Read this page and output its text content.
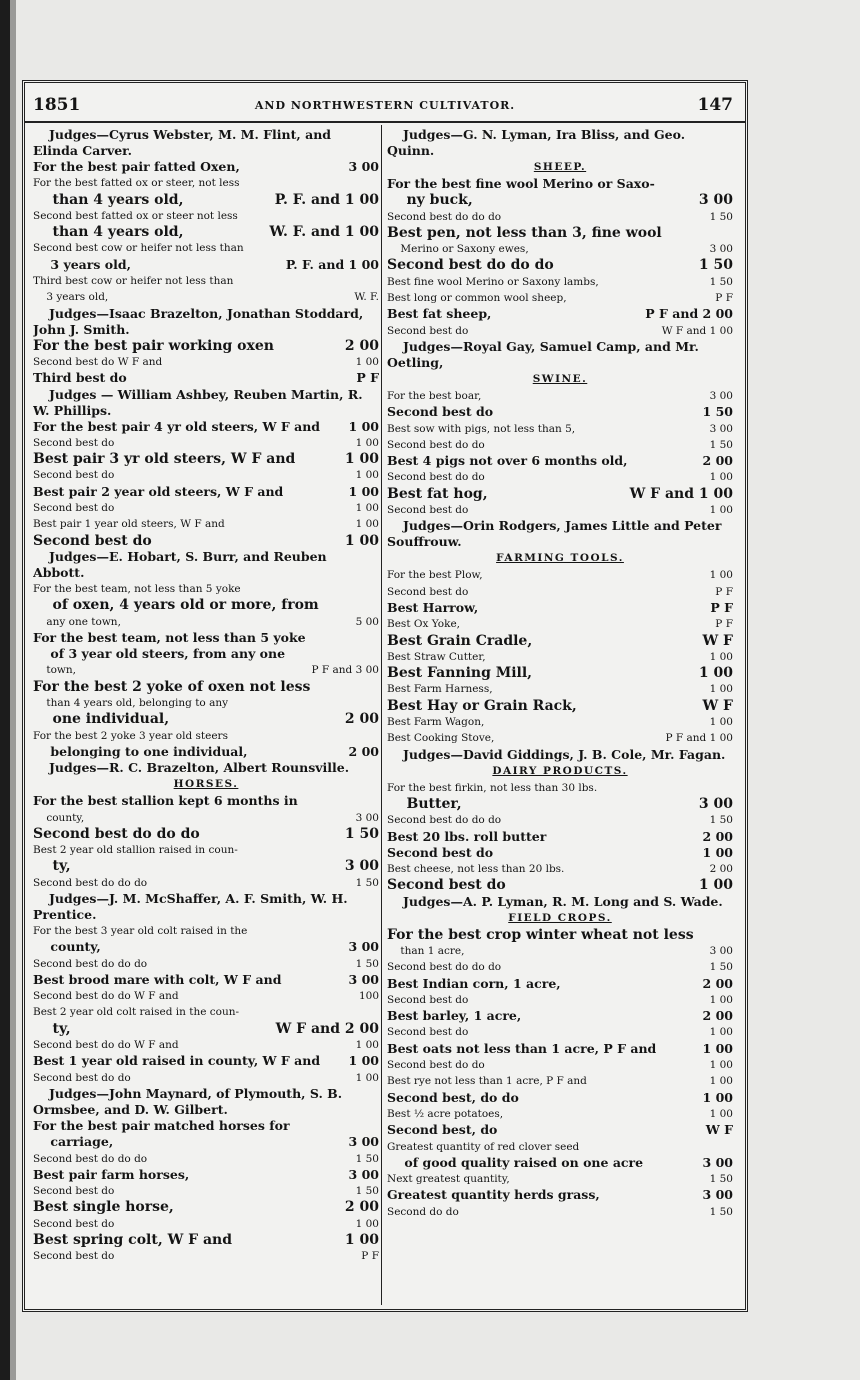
1851	AND NORTHWESTERN CULTIVATOR.	147
Judges—Cyrus Webster, M. M. Flint, and Elinda Carver.
For the best pair fatted Oxen,	3 00
For the best fatted ox or steer, not less
than 4 years old,	P. F. and 1 00
Second best fatted ox or steer not less
than 4 years old,	W. F. and 1 00
Second best cow or heifer not less than
3 years old,	P. F. and 1 00
Third best cow or heifer not less than
3 years old,	W. F.
Judges—Isaac Brazelton, Jonathan Stoddard, John J. Smith.
For the best pair working oxen	2 00
Second best do W F and	1 00
Third best do	P F
Judges — William Ashbey, Reuben Martin, R. W. Phillips.
For the best pair 4 yr old steers, W F and	1 00
Second best do	1 00
Best pair 3 yr old steers, W F and	1 00
Second best do	1 00
Best pair 2 year old steers, W F and	1 00
Second best do	1 00
Best pair 1 year old steers, W F and	1 00
Second best do	1 00
Judges—E. Hobart, S. Burr, and Reuben Abbott.
For the best team, not less than 5 yoke
of oxen, 4 years old or more, from
any one town,	5 00
For the best team, not less than 5 yoke
of 3 year old steers, from any one
town,	P F and 3 00
For the best 2 yoke of oxen not less
than 4 years old, belonging to any
one individual,	2 00
For the best 2 yoke 3 year old steers
belonging to one individual,	2 00
Judges—R. C. Brazelton, Albert Rounsville.
HORSES.
For the best stallion kept 6 months in
county,	3 00
Second best do do do	1 50
Best 2 year old stallion raised in coun-
ty,	3 00
Second best do do do	1 50
Judges—J. M. McShaffer, A. F. Smith, W. H. Prentice.
For the best 3 year old colt raised in the
county,	3 00
Second best do do do	1 50
Best brood mare with colt, W F and	3 00
Second best do do W F and	100
Best 2 year old colt raised in the coun-
ty,	W F and 2 00
Second best do do W F and	1 00
Best 1 year old raised in county, W F and	1 00
Second best do do	1 00
Judges—John Maynard, of Plymouth, S. B. Ormsbee, and D. W. Gilbert.
For the best pair matched horses for
carriage,	3 00
Second best do do do	1 50
Best pair farm horses,	3 00
Second best do	1 50
Best single horse,	2 00
Second best do	1 00
Best spring colt, W F and	1 00
Second best do	P F
Judges—G. N. Lyman, Ira Bliss, and Geo. Quinn.
SHEEP.
For the best fine wool Merino or Saxo-
ny buck,	3 00
Second best do do do	1 50
Best pen, not less than 3, fine wool
Merino or Saxony ewes,	3 00
Second best do do do	1 50
Best fine wool Merino or Saxony lambs,	1 50
Best long or common wool sheep,	P F
Best fat sheep,	P F and 2 00
Second best do	W F and 1 00
Judges—Royal Gay, Samuel Camp, and Mr. Oetling,
SWINE.
For the best boar,	3 00
Second best do	1 50
Best sow with pigs, not less than 5,	3 00
Second best do do	1 50
Best 4 pigs not over 6 months old,	2 00
Second best do do	1 00
Best fat hog,	W F and 1 00
Second best do	1 00
Judges—Orin Rodgers, James Little and Peter Souffrouw.
FARMING TOOLS.
For the best Plow,	1 00
Second best do	P F
Best Harrow,	P F
Best Ox Yoke,	P F
Best Grain Cradle,	W F
Best Straw Cutter,	1 00
Best Fanning Mill,	1 00
Best Farm Harness,	1 00
Best Hay or Grain Rack,	W F
Best Farm Wagon,	1 00
Best Cooking Stove,	P F and 1 00
Judges—David Giddings, J. B. Cole, Mr. Fagan.
DAIRY PRODUCTS.
For the best firkin, not less than 30 lbs.
Butter,	3 00
Second best do do do	1 50
Best 20 lbs. roll butter	2 00
Second best do	1 00
Best cheese, not less than 20 lbs.	2 00
Second best do	1 00
Judges—A. P. Lyman, R. M. Long and S. Wade.
FIELD CROPS.
For the best crop winter wheat not less
than 1 acre,	3 00
Second best do do do	1 50
Best Indian corn, 1 acre,	2 00
Second best do	1 00
Best barley, 1 acre,	2 00
Second best do	1 00
Best oats not less than 1 acre, P F and	1 00
Second best do do	1 00
Best rye not less than 1 acre, P F and	1 00
Second best, do do	1 00
Best ½ acre potatoes,	1 00
Second best, do	W F
Greatest quantity of red clover seed
of good quality raised on one acre	3 00
Next greatest quantity,	1 50
Greatest quantity herds grass,	3 00
Second do do	1 50
